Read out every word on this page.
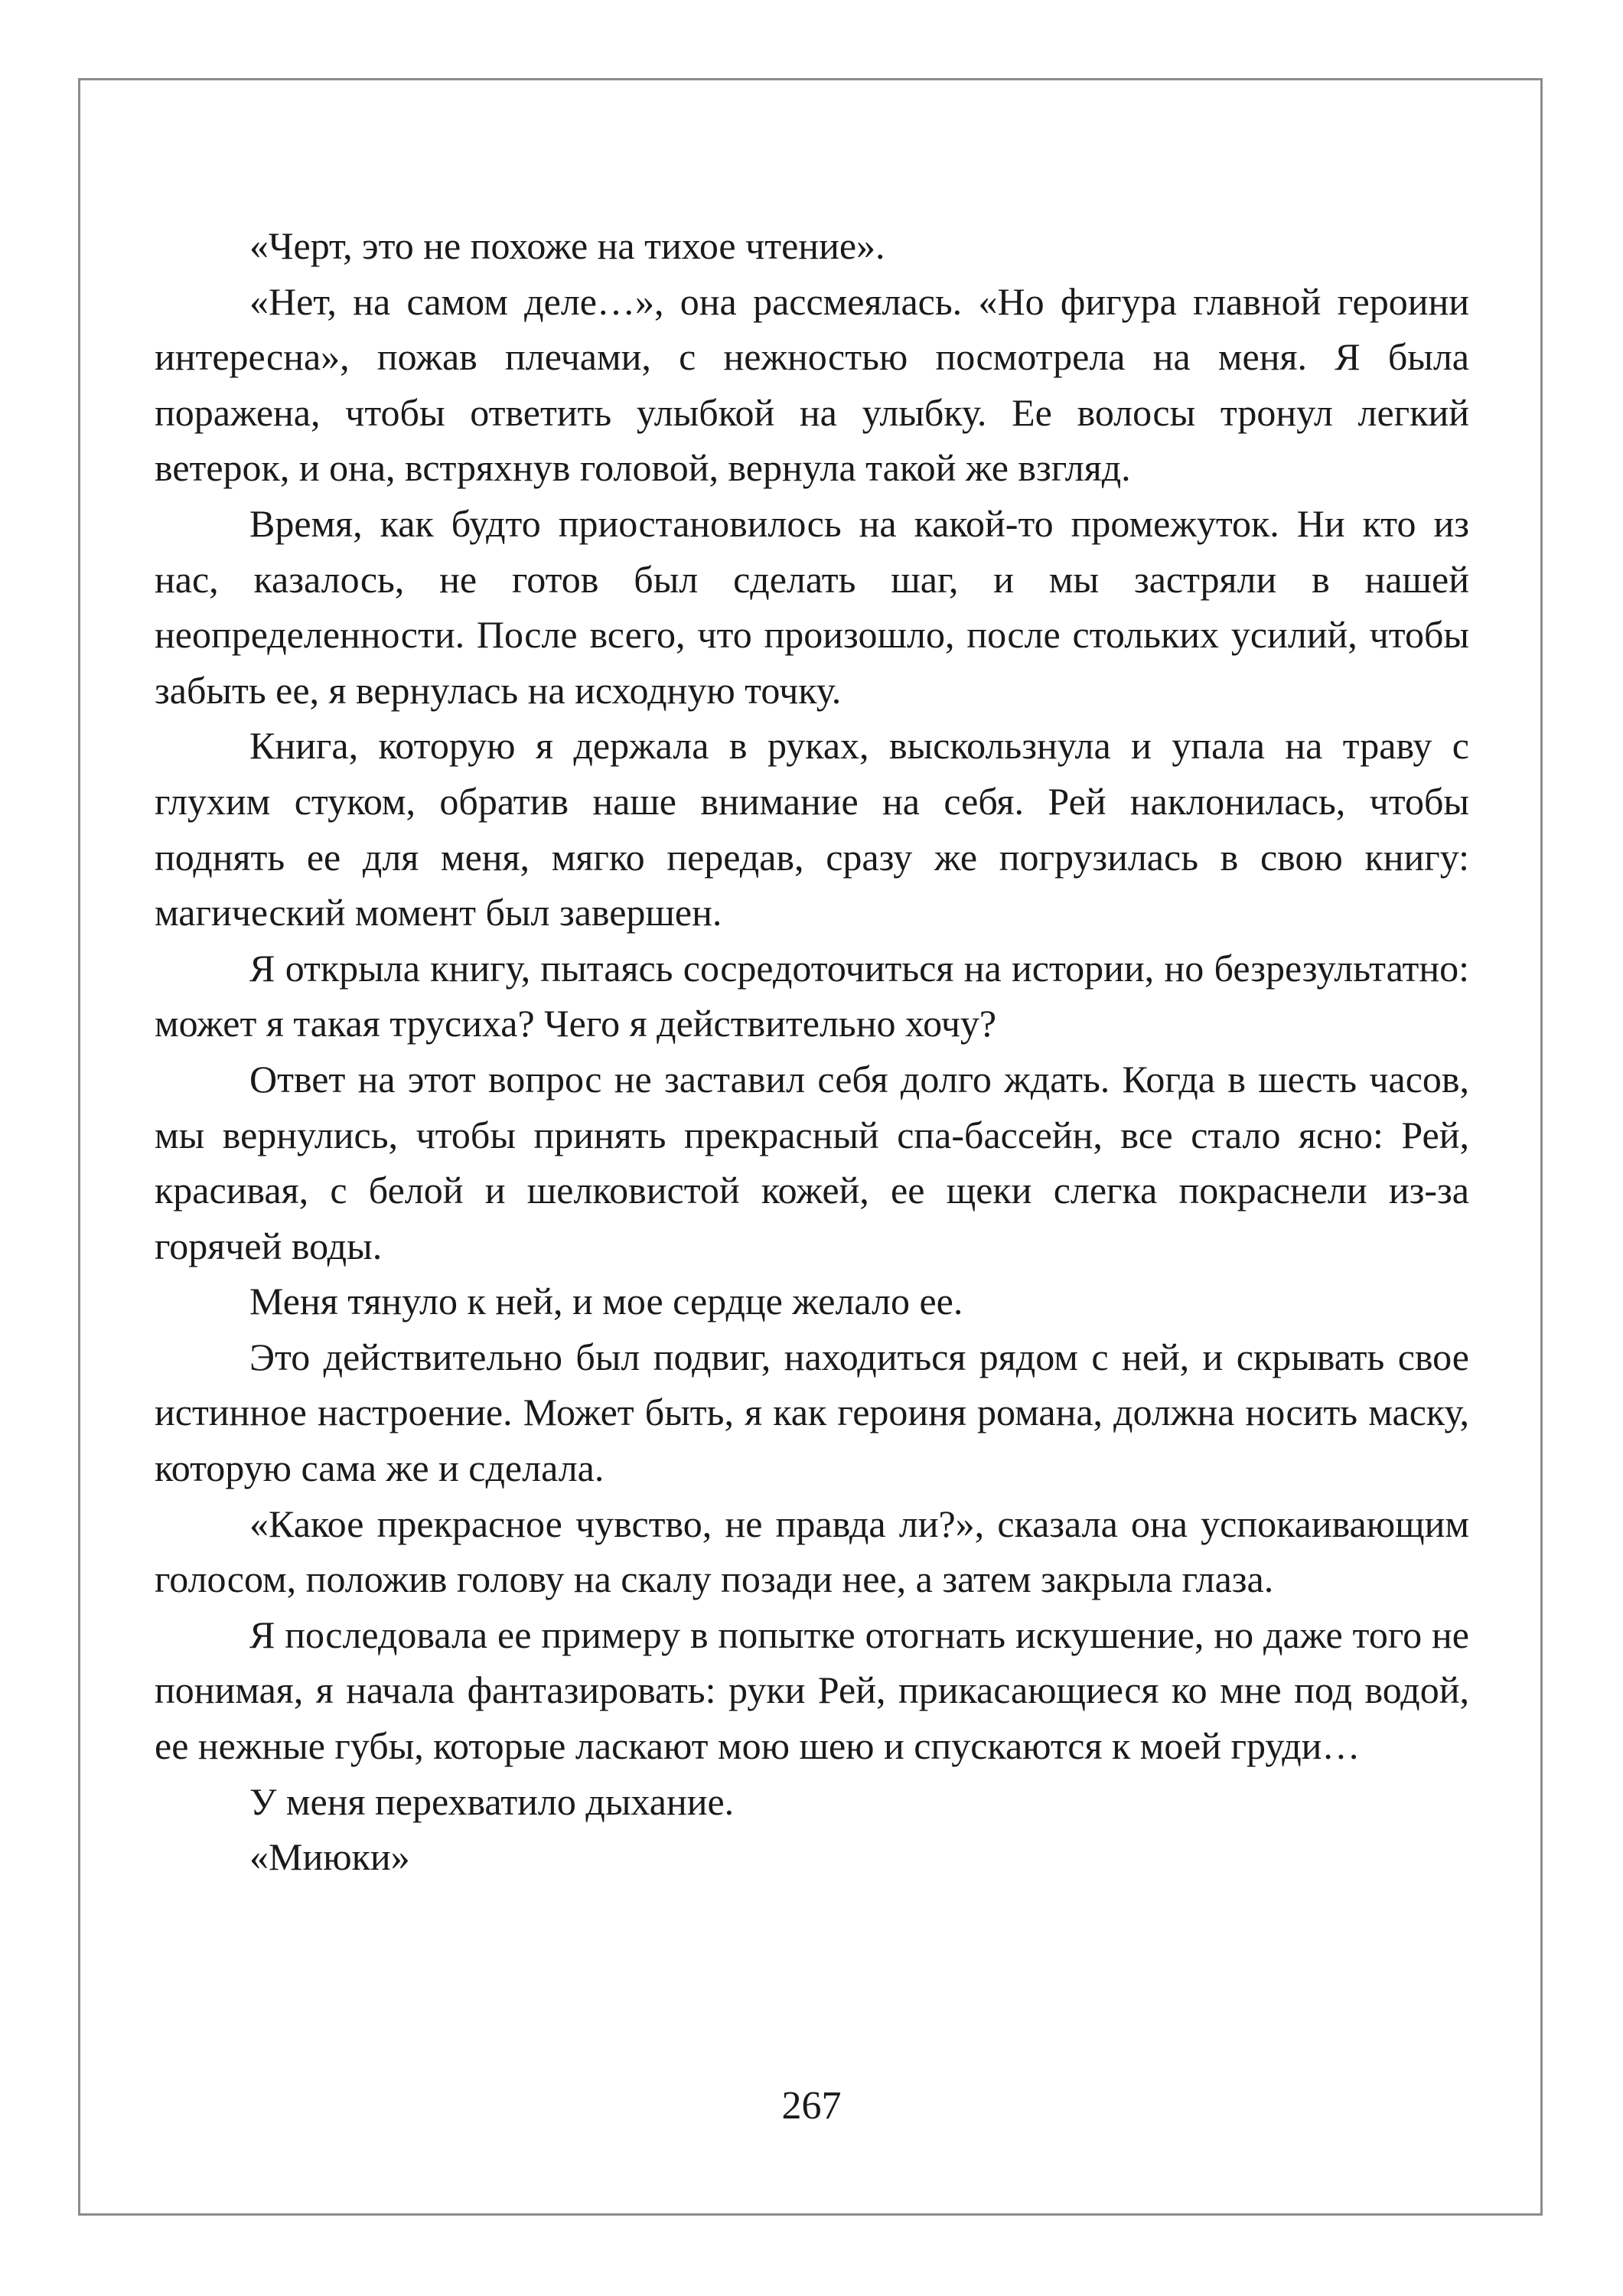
«Черт, это не похоже на тихое чтение».

«Нет, на самом деле…», она рассмеялась. «Но фигура главной героини интересна», пожав плечами, с нежностью посмотрела на меня. Я была поражена, чтобы ответить улыбкой на улыбку. Ее волосы тронул легкий ветерок, и она, встряхнув головой, вернула такой же взгляд.

Время, как будто приостановилось на какой-то промежуток. Ни кто из нас, казалось, не готов был сделать шаг, и мы застряли в нашей неопределенности. После всего, что произошло, после стольких усилий, чтобы забыть ее, я вернулась на исходную точку.

Книга, которую я держала в руках, выскользнула и упала на траву с глухим стуком, обратив наше внимание на себя. Рей наклонилась, чтобы поднять ее для меня, мягко передав, сразу же погрузилась в свою книгу: магический момент был завершен.

Я открыла книгу, пытаясь сосредоточиться на истории, но безрезультатно: может я такая трусиха? Чего я действительно хочу?

Ответ на этот вопрос не заставил себя долго ждать. Когда в шесть часов, мы вернулись, чтобы принять прекрасный спа-бассейн, все стало ясно: Рей, красивая, с белой и шелковистой кожей, ее щеки слегка покраснели из-за горячей воды.

Меня тянуло к ней, и мое сердце желало ее.

Это действительно был подвиг, находиться рядом с ней, и скрывать свое истинное настроение. Может быть, я как героиня романа, должна носить маску, которую сама же и сделала.

«Какое прекрасное чувство, не правда ли?», сказала она успокаивающим голосом, положив голову на скалу позади нее, а затем закрыла глаза.

Я последовала ее примеру в попытке отогнать искушение, но даже того не понимая, я начала фантазировать: руки Рей, прикасающиеся ко мне под водой, ее нежные губы, которые ласкают мою шею и спускаются к моей груди…

У меня перехватило дыхание.

«Миюки»

267
